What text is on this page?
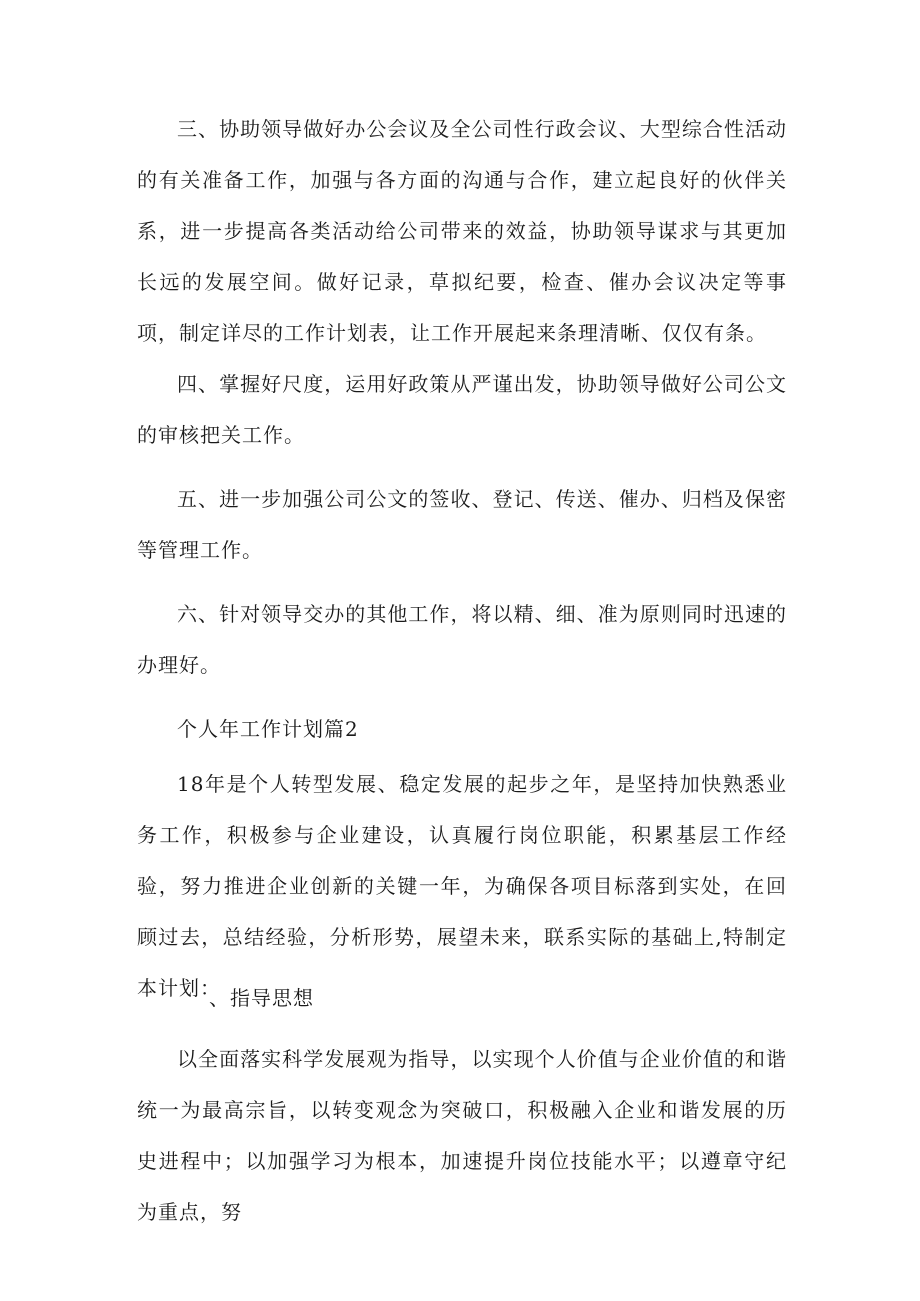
三、协助领导做好办公会议及全公司性行政会议、大型综合性活动的有关准备工作，加强与各方面的沟通与合作，建立起良好的伙伴关系，进一步提高各类活动给公司带来的效益，协助领导谋求与其更加长远的发展空间。做好记录，草拟纪要，检查、催办会议决定等事项，制定详尽的工作计划表，让工作开展起来条理清晰、仅仅有条。

四、掌握好尺度，运用好政策从严谨出发，协助领导做好公司公文的审核把关工作。

五、进一步加强公司公文的签收、登记、传送、催办、归档及保密等管理工作。

六、针对领导交办的其他工作，将以精、细、准为原则同时迅速的办理好。

个人年工作计划篇2

18年是个人转型发展、稳定发展的起步之年，是坚持加快熟悉业务工作，积极参与企业建设，认真履行岗位职能，积累基层工作经验，努力推进企业创新的关键一年，为确保各项目标落到实处，在回顾过去，总结经验，分析形势，展望未来，联系实际的基础上,特制定本计划：

、指导思想

以全面落实科学发展观为指导，以实现个人价值与企业价值的和谐统一为最高宗旨，以转变观念为突破口，积极融入企业和谐发展的历史进程中；以加强学习为根本，加速提升岗位技能水平；以遵章守纪为重点，努
